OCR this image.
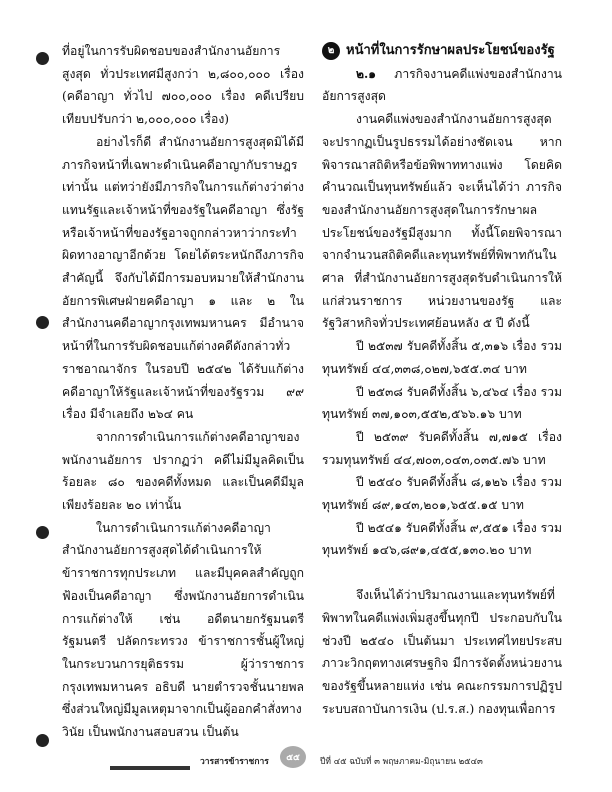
ที่อยู่ในการรับผิดชอบของสำนักงานอัยการสูงสุด ทั่วประเทศมีสูงกว่า ๒,๘๐๐,๐๐๐ เรื่อง (คดีอาญา ทั่วไป ๗๐๐,๐๐๐ เรื่อง คดีเปรียบเทียบปรับกว่า ๒,๐๐๐,๐๐๐ เรื่อง)

อย่างไรก็ดี สำนักงานอัยการสูงสุดมิได้มีภารกิจหน้าที่เฉพาะดำเนินคดีอาญากับราษฎรเท่านั้น แต่ทว่ายังมีภารกิจในการแก้ต่างว่าต่างแทนรัฐและเจ้าหน้าที่ของรัฐในคดีอาญา ซึ่งรัฐหรือเจ้าหน้าที่ของรัฐอาจถูกกล่าวหาว่ากระทำผิดทางอาญาอีกด้วย โดยได้ตระหนักถึงภารกิจสำคัญนี้ จึงกับได้มีการมอบหมายให้สำนักงานอัยการพิเศษฝ่ายคดีอาญา ๑ และ ๒ ในสำนักงานคดีอาญากรุงเทพมหานคร มีอำนาจหน้าที่ในการรับผิดชอบแก้ต่างคดีดังกล่าวทั่วราชอาณาจักร ในรอบปี ๒๕๔๒ ได้รับแก้ต่างคดีอาญาให้รัฐและเจ้าหน้าที่ของรัฐรวม ๙๙ เรื่อง มีจำเลยถึง ๒๖๔ คน

จากการดำเนินการแก้ต่างคดีอาญาของพนักงานอัยการ ปรากฏว่า คดีไม่มีมูลคิดเป็นร้อยละ ๘๐ ของคดีทั้งหมด และเป็นคดีมีมูลเพียงร้อยละ ๒๐ เท่านั้น

ในการดำเนินการแก้ต่างคดีอาญา สำนักงานอัยการสูงสุดได้ดำเนินการให้ข้าราชการทุกประเภท และมีบุคคลสำคัญถูกฟ้องเป็นคดีอาญา ซึ่งพนักงานอัยการดำเนินการแก้ต่างให้ เช่น อดีตนายกรัฐมนตรี รัฐมนตรี ปลัดกระทรวง ข้าราชการชั้นผู้ใหญ่ในกระบวนการยุติธรรม ผู้ว่าราชการกรุงเทพมหานคร อธิบดี นายตำรวจชั้นนายพล ซึ่งส่วนใหญ่มีมูลเหตุมาจากเป็นผู้ออกคำสั่งทางวินัย เป็นพนักงานสอบสวน เป็นต้น

๒ หน้าที่ในการรักษาผลประโยชน์ของรัฐ

๒.๑ ภารกิจงานคดีแพ่งของสำนักงานอัยการสูงสุด

งานคดีแพ่งของสำนักงานอัยการสูงสุดจะปรากฏเป็นรูปธรรมได้อย่างชัดเจน หากพิจารณาสถิติหรือข้อพิพาททางแพ่ง โดยคิดคำนวณเป็นทุนทรัพย์แล้ว จะเห็นได้ว่า ภารกิจของสำนักงานอัยการสูงสุดในการรักษาผลประโยชน์ของรัฐมีสูงมาก ทั้งนี้โดยพิจารณาจากจำนวนสถิติคดีและทุนทรัพย์ที่พิพาทกันในศาล ที่สำนักงานอัยการสูงสุดรับดำเนินการให้แก่ส่วนราชการ หน่วยงานของรัฐ และรัฐวิสาหกิจทั่วประเทศย้อนหลัง ๕ ปี ดังนี้

ปี ๒๕๓๗ รับคดีทั้งสิ้น ๕,๓๑๖ เรื่อง รวมทุนทรัพย์ ๔๔,๓๓๘,๐๒๗,๖๕๕.๓๔ บาท

ปี ๒๕๓๘ รับคดีทั้งสิ้น ๖,๔๖๔ เรื่อง รวมทุนทรัพย์ ๓๗,๑๐๓,๕๕๒,๕๖๖.๑๖ บาท

ปี ๒๕๓๙ รับคดีทั้งสิ้น ๗,๗๑๕ เรื่อง รวมทุนทรัพย์ ๔๔,๗๐๓,๐๔๓,๐๓๕.๗๖ บาท

ปี ๒๕๔๐ รับคดีทั้งสิ้น ๘,๑๒๖ เรื่อง รวมทุนทรัพย์ ๘๙,๑๔๓,๒๐๑,๖๕๕.๑๕ บาท

ปี ๒๕๔๑ รับคดีทั้งสิ้น ๙,๕๕๑ เรื่อง รวมทุนทรัพย์ ๑๔๖,๘๙๑,๔๕๕,๑๓๐.๒๐ บาท

จึงเห็นได้ว่าปริมาณงานและทุนทรัพย์ที่พิพาทในคดีแพ่งเพิ่มสูงขึ้นทุกปี ประกอบกับในช่วงปี ๒๕๔๐ เป็นต้นมา ประเทศไทยประสบภาวะวิกฤตทางเศรษฐกิจ มีการจัดตั้งหน่วยงานของรัฐขึ้นหลายแห่ง เช่น คณะกรรมการปฏิรูประบบสถาบันการเงิน (ป.ร.ส.) กองทุนเพื่อการ

วารสารข้าราชการ	๕๕	ปีที่ ๔๕ ฉบับที่ ๓ พฤษภาคม-มิถุนายน ๒๕๔๓
